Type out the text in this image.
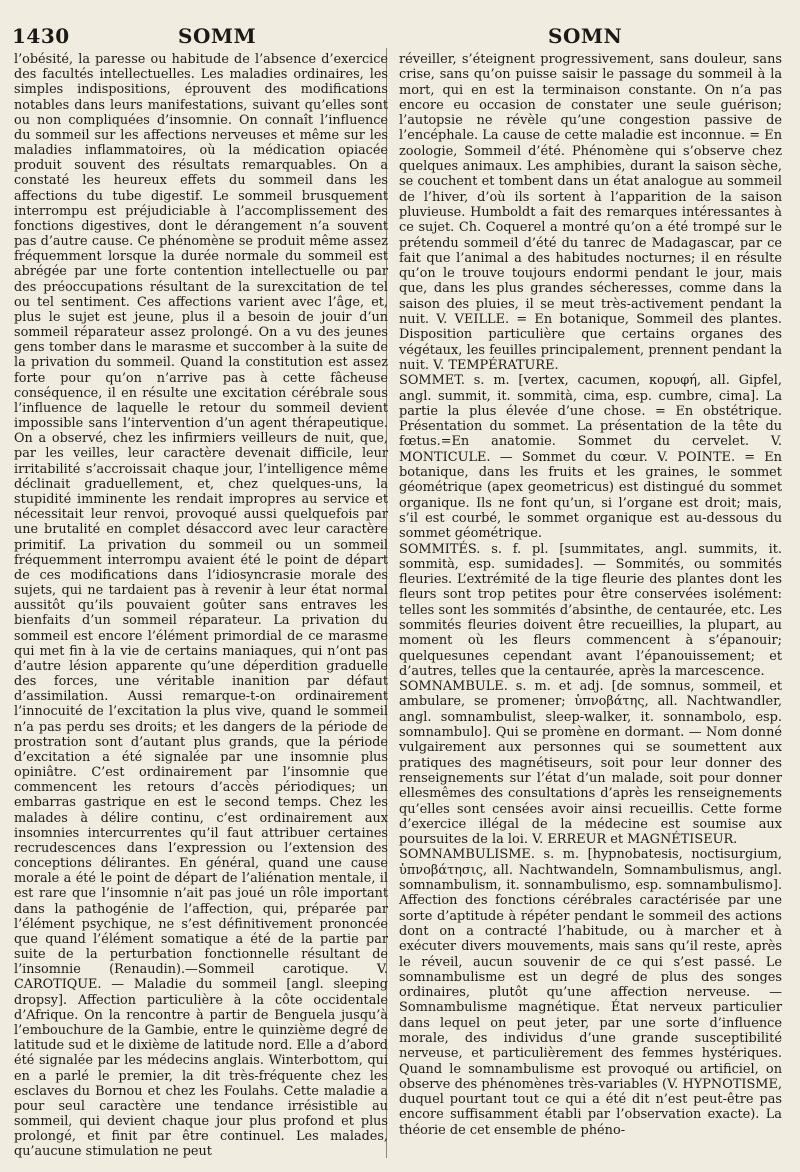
1430	SOMM	SOMN

l’obésité, la paresse ou habitude de l’absence d’exercice des facultés intellectuelles. Les maladies ordinaires, les simples indispositions, éprouvent des modifications notables dans leurs manifestations, suivant qu’elles sont ou non compliquées d’insomnie. On connaît l’influence du sommeil sur les affections nerveuses et même sur les maladies inflammatoires, où la médication opiacée produit souvent des résultats remarquables. On a constaté les heureux effets du sommeil dans les affections du tube digestif. Le sommeil brusquement interrompu est préjudiciable à l’accomplissement des fonctions digestives, dont le dérangement n’a souvent pas d’autre cause. Ce phénomène se produit même assez fréquemment lorsque la durée normale du sommeil est abrégée par une forte contention intellectuelle ou par des préoccupations résultant de la surexcitation de tel ou tel sentiment. Ces affections varient avec l’âge, et, plus le sujet est jeune, plus il a besoin de jouir d’un sommeil réparateur assez prolongé. On a vu des jeunes gens tomber dans le marasme et succomber à la suite de la privation du sommeil. Quand la constitution est assez forte pour qu’on n’arrive pas à cette fâcheuse conséquence, il en résulte une excitation cérébrale sous l’influence de laquelle le retour du sommeil devient impossible sans l’intervention d’un agent thérapeutique. On a observé, chez les infirmiers veilleurs de nuit, que, par les veilles, leur caractère devenait difficile, leur irritabilité s’accroissait chaque jour, l’intelligence même déclinait graduellement, et, chez quelques-uns, la stupidité imminente les rendait impropres au service et nécessitait leur renvoi, provoqué aussi quelquefois par une brutalité en complet désaccord avec leur caractère primitif. La privation du sommeil ou un sommeil fréquemment interrompu avaient été le point de départ de ces modifications dans l’idiosyncrasie morale des sujets, qui ne tardaient pas à revenir à leur état normal aussitôt qu’ils pouvaient goûter sans entraves les bienfaits d’un sommeil réparateur. La privation du sommeil est encore l’élément primordial de ce marasme qui met fin à la vie de certains maniaques, qui n’ont pas d’autre lésion apparente qu’une déperdition graduelle des forces, une véritable inanition par défaut d’assimilation. Aussi remarque-t-on ordinairement l’innocuité de l’excitation la plus vive, quand le sommeil n’a pas perdu ses droits; et les dangers de la période de prostration sont d’autant plus grands, que la période d’excitation a été signalée par une insomnie plus opiniâtre. C’est ordinairement par l’insomnie que commencent les retours d’accès périodiques; un embarras gastrique en est le second temps. Chez les malades à délire continu, c’est ordinairement aux insomnies intercurrentes qu’il faut attribuer certaines recrudescences dans l’expression ou l’extension des conceptions délirantes. En général, quand une cause morale a été le point de départ de l’aliénation mentale, il est rare que l’insomnie n’ait pas joué un rôle important dans la pathogénie de l’affection, qui, préparée par l’élément psychique, ne s’est définitivement prononcée que quand l’élément somatique a été de la partie par suite de la perturbation fonctionnelle résultant de l’insomnie (Renaudin).—Sommeil carotique. V. CAROTIQUE. — Maladie du sommeil [angl. sleeping dropsy]. Affection particulière à la côte occidentale d’Afrique. On la rencontre à partir de Benguela jusqu’à l’embouchure de la Gambie, entre le quinzième degré de latitude sud et le dixième de latitude nord. Elle a d’abord été signalée par les médecins anglais. Winterbottom, qui en a parlé le premier, la dit très-fréquente chez les esclaves du Bornou et chez les Foulahs. Cette maladie a pour seul caractère une tendance irrésistible au sommeil, qui devient chaque jour plus profond et plus prolongé, et finit par être continuel. Les malades, qu’aucune stimulation ne peut

réveiller, s’éteignent progressivement, sans douleur, sans crise, sans qu’on puisse saisir le passage du sommeil à la mort, qui en est la terminaison constante. On n’a pas encore eu occasion de constater une seule guérison; l’autopsie ne révèle qu’une congestion passive de l’encéphale. La cause de cette maladie est inconnue. = En zoologie, Sommeil d’été. Phénomène qui s’observe chez quelques animaux. Les amphibies, durant la saison sèche, se couchent et tombent dans un état analogue au sommeil de l’hiver, d’où ils sortent à l’apparition de la saison pluvieuse. Humboldt a fait des remarques intéressantes à ce sujet. Ch. Coquerel a montré qu’on a été trompé sur le prétendu sommeil d’été du tanrec de Madagascar, par ce fait que l’animal a des habitudes nocturnes; il en résulte qu’on le trouve toujours endormi pendant le jour, mais que, dans les plus grandes sécheresses, comme dans la saison des pluies, il se meut très-activement pendant la nuit. V. VEILLE. = En botanique, Sommeil des plantes. Disposition particulière que certains organes des végétaux, les feuilles principalement, prennent pendant la nuit. V. TEMPÉRATURE.

SOMMET. s. m. [vertex, cacumen, κορυφή, all. Gipfel, angl. summit, it. sommità, cima, esp. cumbre, cima]. La partie la plus élevée d’une chose. = En obstétrique. Présentation du sommet. La présentation de la tête du fœtus.=En anatomie. Sommet du cervelet. V. MONTICULE. — Sommet du cœur. V. POINTE. = En botanique, dans les fruits et les graines, le sommet géométrique (apex geometricus) est distingué du sommet organique. Ils ne font qu’un, si l’organe est droit; mais, s’il est courbé, le sommet organique est au-dessous du sommet géométrique.

SOMMITÉS. s. f. pl. [summitates, angl. summits, it. sommità, esp. sumidades]. — Sommités, ou sommités fleuries. L’extrémité de la tige fleurie des plantes dont les fleurs sont trop petites pour être conservées isolément: telles sont les sommités d’absinthe, de centaurée, etc. Les sommités fleuries doivent être recueillies, la plupart, au moment où les fleurs commencent à s’épanouir; quelquesunes cependant avant l’épanouissement; et d’autres, telles que la centaurée, après la marcescence.

SOMNAMBULE. s. m. et adj. [de somnus, sommeil, et ambulare, se promener; ὑπνοβάτης, all. Nachtwandler, angl. somnambulist, sleep-walker, it. sonnambolo, esp. somnambulo]. Qui se promène en dormant. — Nom donné vulgairement aux personnes qui se soumettent aux pratiques des magnétiseurs, soit pour leur donner des renseignements sur l’état d’un malade, soit pour donner ellesmêmes des consultations d’après les renseignements qu’elles sont censées avoir ainsi recueillis. Cette forme d’exercice illégal de la médecine est soumise aux poursuites de la loi. V. ERREUR et MAGNÉTISEUR.

SOMNAMBULISME. s. m. [hypnobatesis, noctisurgium, ὑπνοβάτησις, all. Nachtwandeln, Somnambulismus, angl. somnambulism, it. sonnambulismo, esp. somnambulismo]. Affection des fonctions cérébrales caractérisée par une sorte d’aptitude à répéter pendant le sommeil des actions dont on a contracté l’habitude, ou à marcher et à exécuter divers mouvements, mais sans qu’il reste, après le réveil, aucun souvenir de ce qui s’est passé. Le somnambulisme est un degré de plus des songes ordinaires, plutôt qu’une affection nerveuse. — Somnambulisme magnétique. État nerveux particulier dans lequel on peut jeter, par une sorte d’influence morale, des individus d’une grande susceptibilité nerveuse, et particulièrement des femmes hystériques. Quand le somnambulisme est provoqué ou artificiel, on observe des phénomènes très-variables (V. HYPNOTISME, duquel pourtant tout ce qui a été dit n’est peut-être pas encore suffisamment établi par l’observation exacte). La théorie de cet ensemble de phéno-
